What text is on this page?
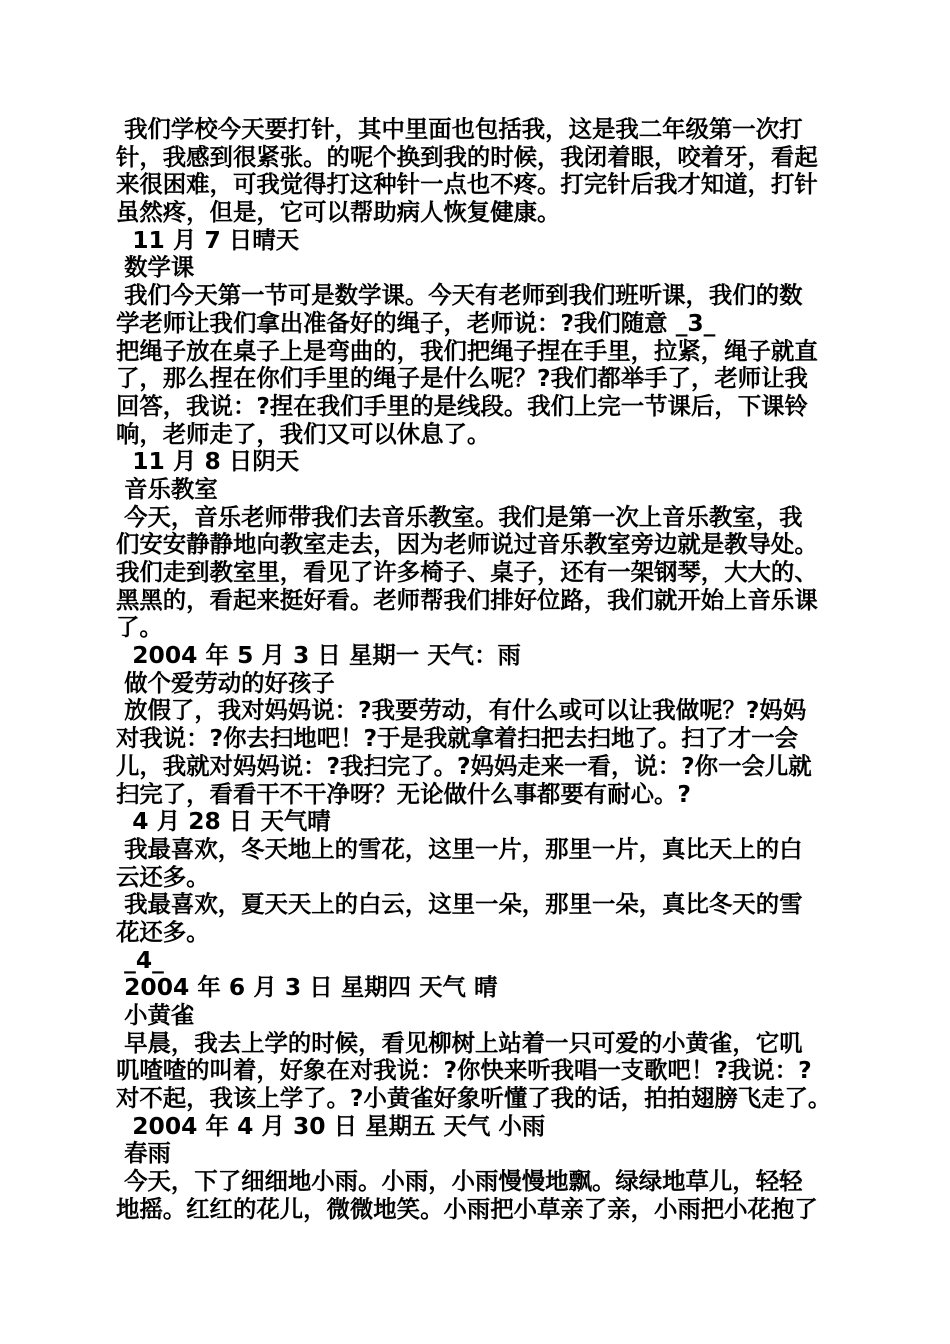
我们学校今天要打针，其中里面也包括我，这是我二年级第一次打
针，我感到很紧张。的呢个换到我的时候，我闭着眼，咬着牙，看起
来很困难，可我觉得打这种针一点也不疼。打完针后我才知道，打针
虽然疼，但是，它可以帮助病人恢复健康。
11 月 7 日晴天
数学课
我们今天第一节可是数学课。今天有老师到我们班听课，我们的数
学老师让我们拿出准备好的绳子，老师说：?我们随意 _3_
把绳子放在桌子上是弯曲的，我们把绳子捏在手里，拉紧，绳子就直
了，那么捏在你们手里的绳子是什么呢？?我们都举手了，老师让我
回答，我说：?捏在我们手里的是线段。我们上完一节课后，下课铃
响，老师走了，我们又可以休息了。
11 月 8 日阴天
音乐教室
今天，音乐老师带我们去音乐教室。我们是第一次上音乐教室，我
们安安静静地向教室走去，因为老师说过音乐教室旁边就是教导处。
我们走到教室里，看见了许多椅子、桌子，还有一架钢琴，大大的、
黑黑的，看起来挺好看。老师帮我们排好位路，我们就开始上音乐课
了。
2004 年 5 月 3 日 星期一 天气：雨
做个爱劳动的好孩子
放假了，我对妈妈说：?我要劳动，有什么或可以让我做呢？?妈妈
对我说：?你去扫地吧！?于是我就拿着扫把去扫地了。扫了才一会
儿，我就对妈妈说：?我扫完了。?妈妈走来一看，说：?你一会儿就
扫完了，看看干不干净呀？无论做什么事都要有耐心。?
4 月 28 日 天气晴
我最喜欢，冬天地上的雪花，这里一片，那里一片，真比天上的白
云还多。
我最喜欢，夏天天上的白云，这里一朵，那里一朵，真比冬天的雪
花还多。
_4_
2004 年 6 月 3 日 星期四 天气 晴
小黄雀
早晨，我去上学的时候，看见柳树上站着一只可爱的小黄雀，它叽
叽喳喳的叫着，好象在对我说：?你快来听我唱一支歌吧！?我说：?
对不起，我该上学了。?小黄雀好象听懂了我的话，拍拍翅膀飞走了。
2004 年 4 月 30 日 星期五 天气 小雨
春雨
今天，下了细细地小雨。小雨，小雨慢慢地飘。绿绿地草儿，轻轻
地摇。红红的花儿，微微地笑。小雨把小草亲了亲，小雨把小花抱了
